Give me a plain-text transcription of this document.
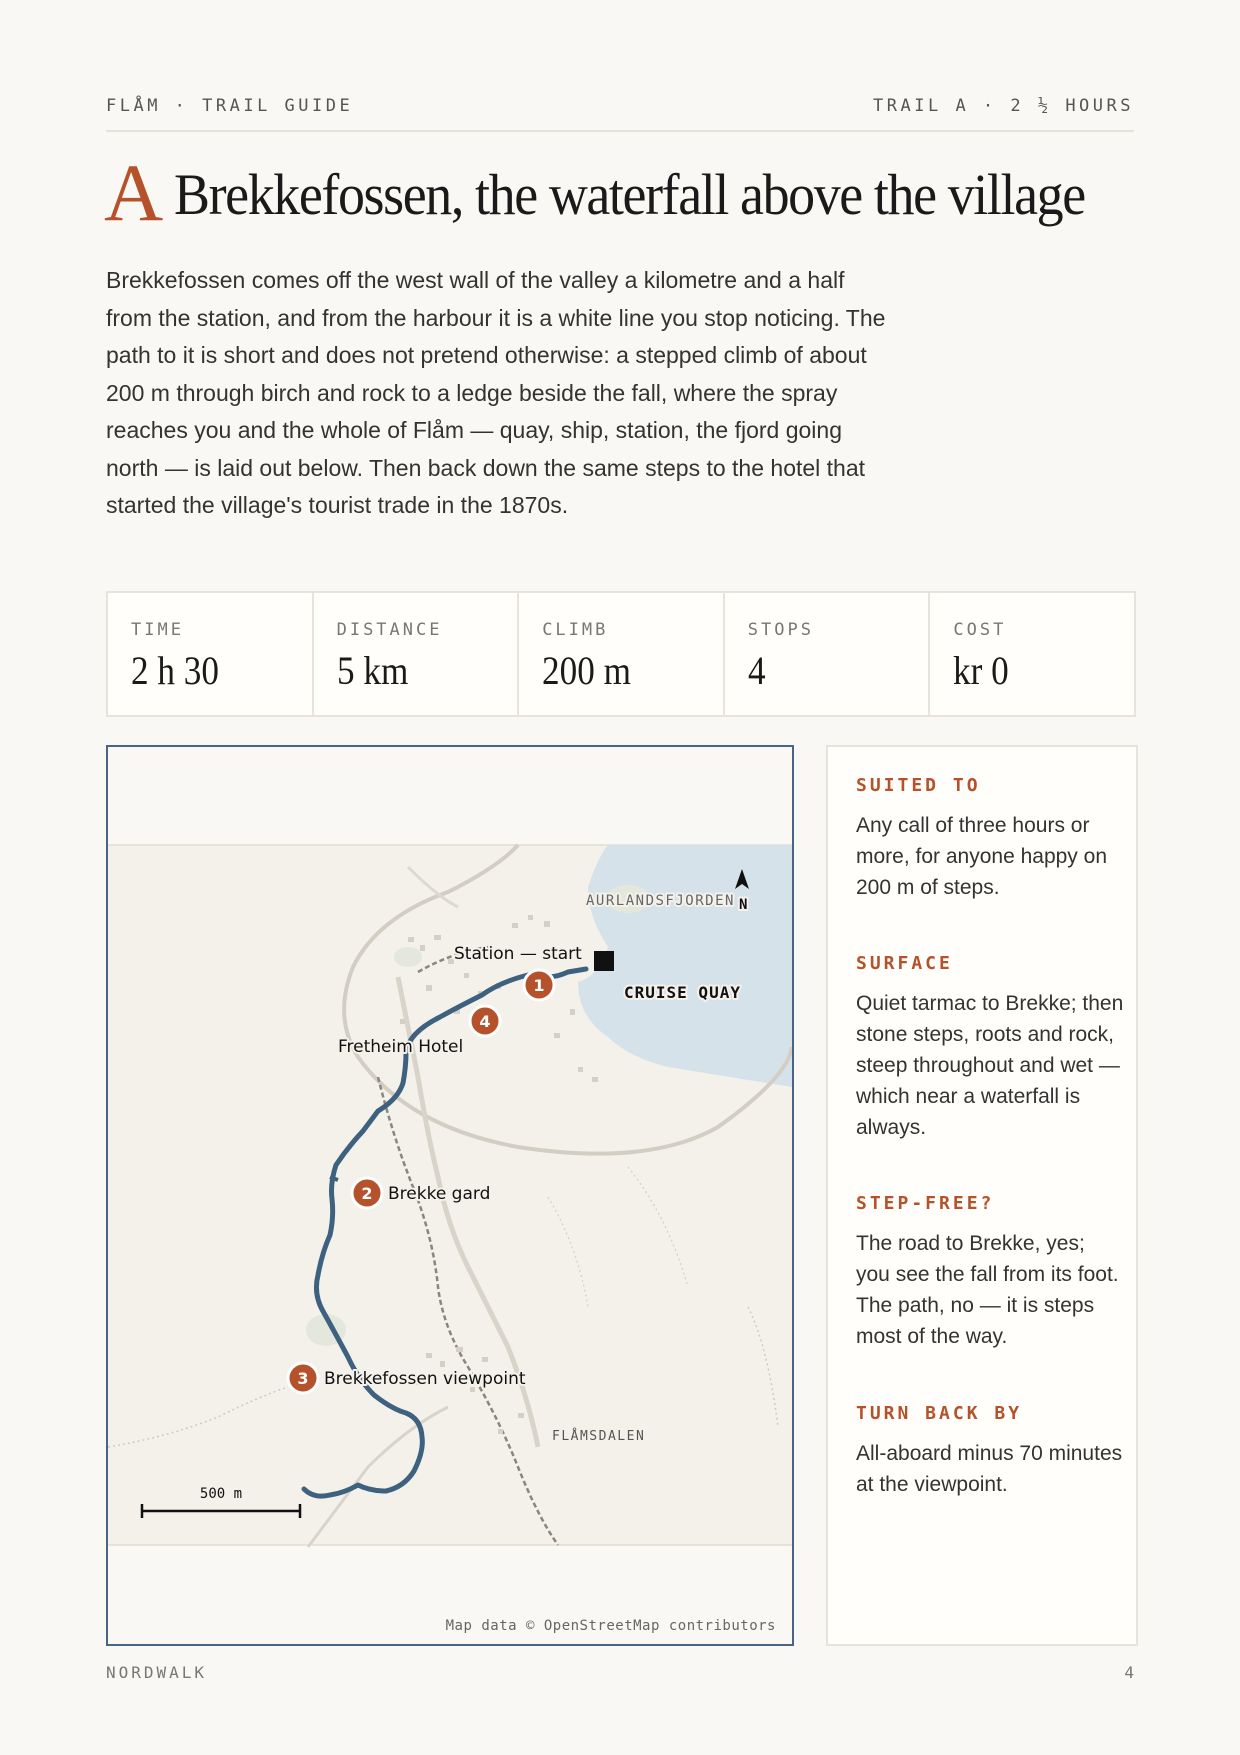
FLÅM · TRAIL GUIDE	TRAIL A · 2 ½ HOURS
A Brekkefossen, the waterfall above the village
Brekkefossen comes off the west wall of the valley a kilometre and a half from the station, and from the harbour it is a white line you stop noticing. The path to it is short and does not pretend otherwise: a stepped climb of about 200 m through birch and rock to a ledge beside the fall, where the spray reaches you and the whole of Flåm — quay, ship, station, the fjord going north — is laid out below. Then back down the same steps to the hotel that started the village's tourist trade in the 1870s.
TIME
2 h 30
DISTANCE
5 km
CLIMB
200 m
STOPS
4
COST
kr 0
1
4
2
3
AURLANDSFJORDEN N
Station — start
CRUISE QUAY
Fretheim Hotel
Brekke gard
Brekkefossen viewpoint
FLÅMSDALEN
500 m
Map data © OpenStreetMap contributors
SUITED TO
Any call of three hours or more, for anyone happy on 200 m of steps.
SURFACE
Quiet tarmac to Brekke; then stone steps, roots and rock, steep throughout and wet — which near a waterfall is always.
STEP-FREE?
The road to Brekke, yes; you see the fall from its foot. The path, no — it is steps most of the way.
TURN BACK BY
All-aboard minus 70 minutes at the viewpoint.
NORDWALK	4
